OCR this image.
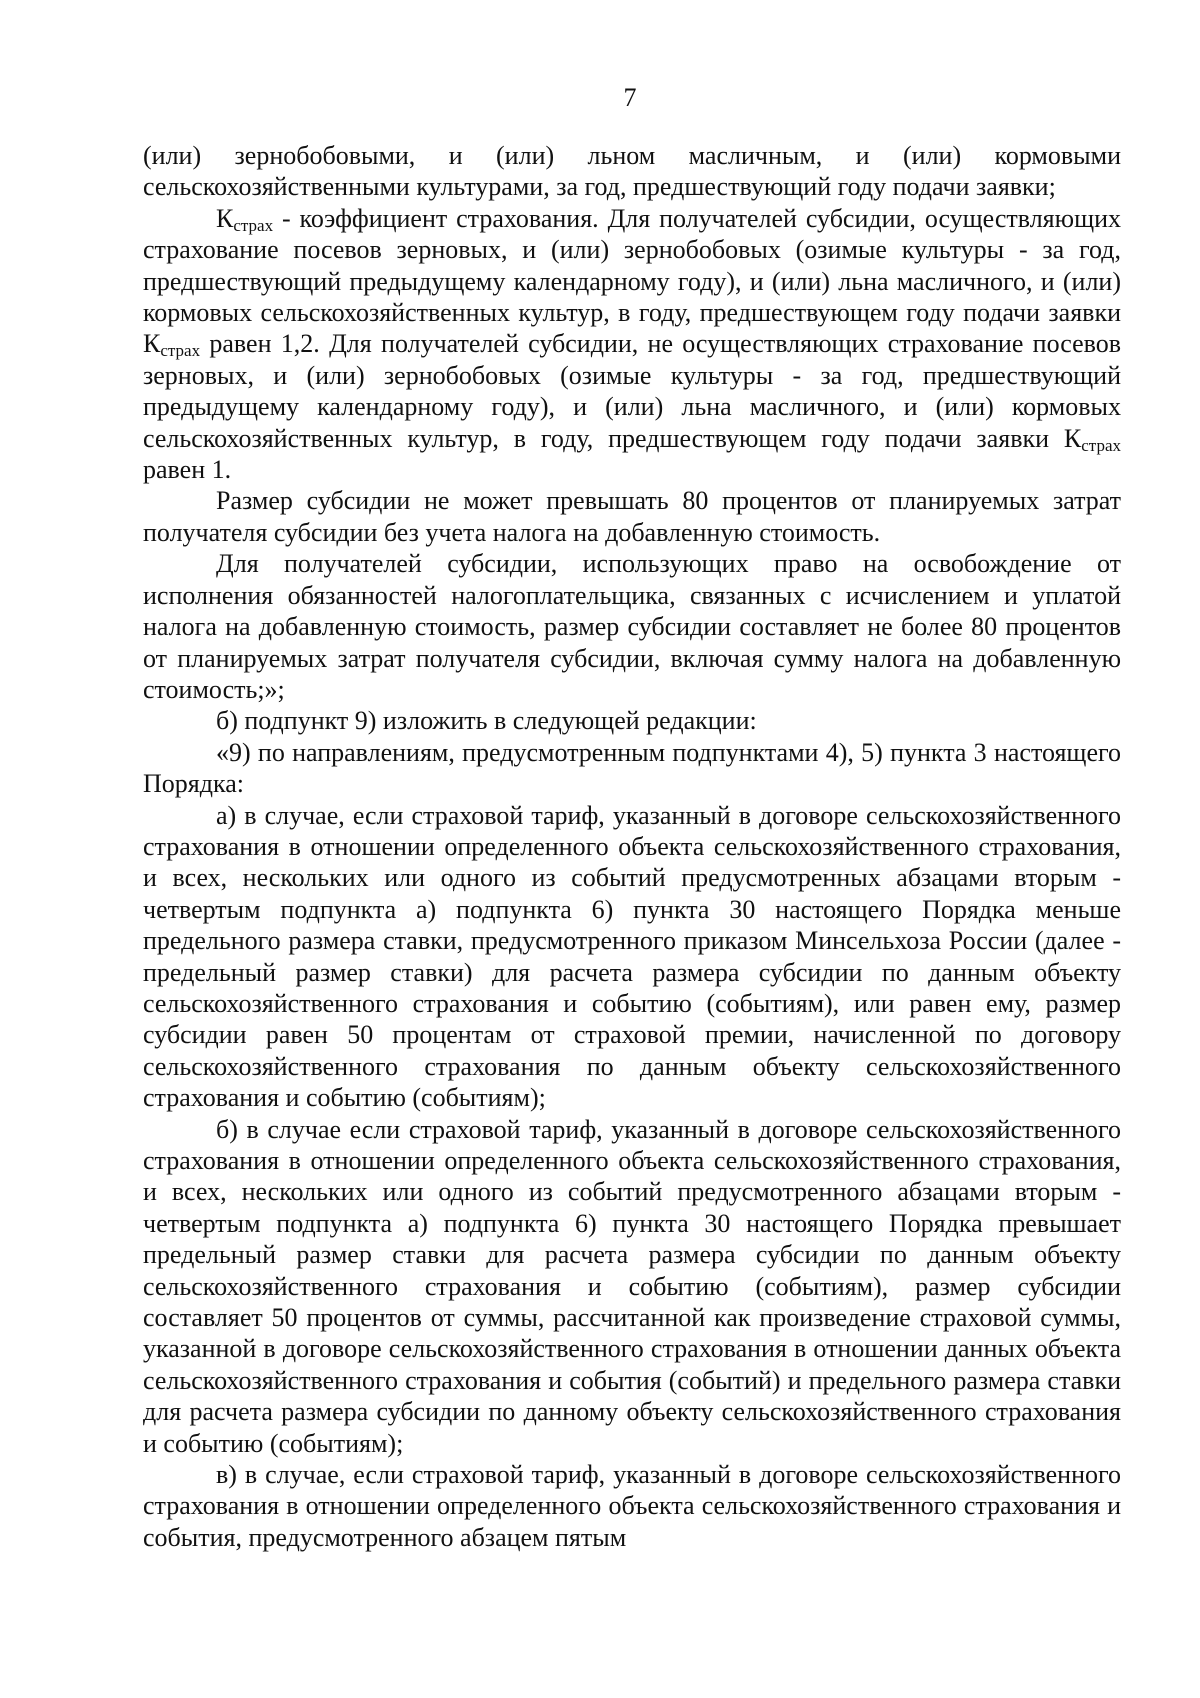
7

(или) зернобобовыми, и (или) льном масличным, и (или) кормовыми сельскохозяйственными культурами, за год, предшествующий году подачи заявки;

$К_{страх}$ - коэффициент страхования. Для получателей субсидии, осуществляющих страхование посевов зерновых, и (или) зернобобовых (озимые культуры - за год, предшествующий предыдущему календарному году), и (или) льна масличного, и (или) кормовых сельскохозяйственных культур, в году, предшествующем году подачи заявки $К_{страх}$ равен 1,2. Для получателей субсидии, не осуществляющих страхование посевов зерновых, и (или) зернобобовых (озимые культуры - за год, предшествующий предыдущему календарному году), и (или) льна масличного, и (или) кормовых сельскохозяйственных культур, в году, предшествующем году подачи заявки $К_{страх}$ равен 1.

Размер субсидии не может превышать 80 процентов от планируемых затрат получателя субсидии без учета налога на добавленную стоимость.

Для получателей субсидии, использующих право на освобождение от исполнения обязанностей налогоплательщика, связанных с исчислением и уплатой налога на добавленную стоимость, размер субсидии составляет не более 80 процентов от планируемых затрат получателя субсидии, включая сумму налога на добавленную стоимость;»;

б) подпункт 9) изложить в следующей редакции:

«9) по направлениям, предусмотренным подпунктами 4), 5) пункта 3 настоящего Порядка:

а) в случае, если страховой тариф, указанный в договоре сельскохозяйственного страхования в отношении определенного объекта сельскохозяйственного страхования, и всех, нескольких или одного из событий предусмотренных абзацами вторым - четвертым подпункта а) подпункта 6) пункта 30 настоящего Порядка меньше предельного размера ставки, предусмотренного приказом Минсельхоза России (далее - предельный размер ставки) для расчета размера субсидии по данным объекту сельскохозяйственного страхования и событию (событиям), или равен ему, размер субсидии равен 50 процентам от страховой премии, начисленной по договору сельскохозяйственного страхования по данным объекту сельскохозяйственного страхования и событию (событиям);

б) в случае если страховой тариф, указанный в договоре сельскохозяйственного страхования в отношении определенного объекта сельскохозяйственного страхования, и всех, нескольких или одного из событий предусмотренного абзацами вторым - четвертым подпункта а) подпункта 6) пункта 30 настоящего Порядка превышает предельный размер ставки для расчета размера субсидии по данным объекту сельскохозяйственного страхования и событию (событиям), размер субсидии составляет 50 процентов от суммы, рассчитанной как произведение страховой суммы, указанной в договоре сельскохозяйственного страхования в отношении данных объекта сельскохозяйственного страхования и события (событий) и предельного размера ставки для расчета размера субсидии по данному объекту сельскохозяйственного страхования и событию (событиям);

в) в случае, если страховой тариф, указанный в договоре сельскохозяйственного страхования в отношении определенного объекта сельскохозяйственного страхования и события, предусмотренного абзацем пятым
